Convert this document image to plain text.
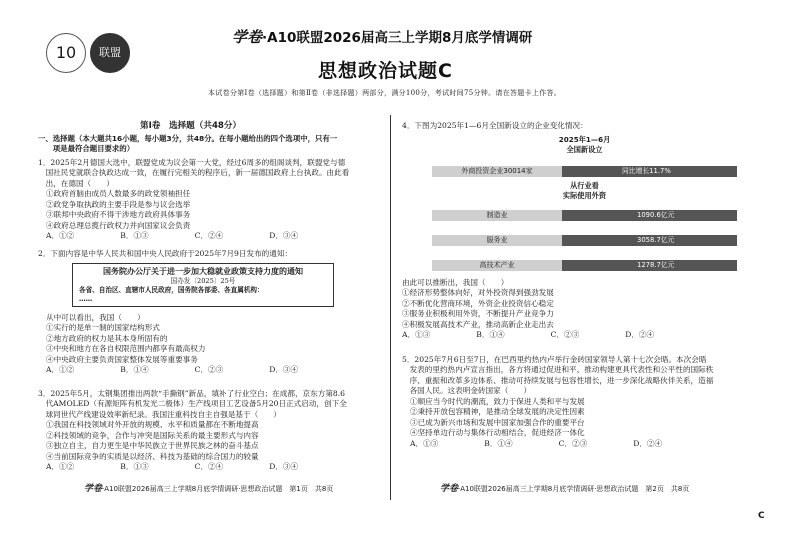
10 联盟
学卷·A10联盟2026届高三上学期8月底学情调研
思想政治试题C
本试卷分第Ⅰ卷（选择题）和第Ⅱ卷（非选择题）两部分，满分100分，考试时间75分钟。请在答题卡上作答。
第Ⅰ卷　选择题（共48分）
一、选择题（本大题共16小题，每小题3分，共48分。在每小题给出的四个选项中，只有一
　　项是最符合题目要求的）
1．2025年2月德国大选中，联盟党成为议会第一大党，经过6周多的组阁谈判，联盟党与德
　国社民党就联合执政达成一致，在履行完相关的程序后，新一届德国政府上台执政。由此看
　出，在德国（　　）
①政府首脑由成员人数最多的政党领袖担任
②政党争取执政的主要手段是参与议会选举
③联邦中央政府不得干涉地方政府具体事务
④政府总理总揽行政权力并向国家议会负责
A．①②	B．①③	C．②④	D．③④
2．下面内容是中华人民共和国中央人民政府于2025年7月9日发布的通知：
国务院办公厅关于进一步加大稳就业政策支持力度的通知
国办发〔2025〕25号
各省、自治区、直辖市人民政府，国务院各部委、各直属机构：
……
从中可以看出，我国（　　）
①实行的是单一制的国家结构形式
②地方政府的权力是其本身所固有的
③中央和地方在各自权限范围内都享有最高权力
④中央政府主要负责国家整体发展等重要事务
A．①②	B．①④	C．②③	D．③④
3．2025年5月，太钢集团推出两款“手撕钢”新品，填补了行业空白；在成都，京东方第8.6
　代AMOLED（有源矩阵有机发光二极体）生产线项目工艺设备5月20日正式启动，创下全
　球同世代产线建设效率新纪录。我国注重科技自主自强是基于（　　）
①我国在科技领域对外开放的规模、水平和质量都在不断地提高
②科技领域的竞争，合作与冲突是国际关系的最主要形式与内容
③独立自主，自力更生是中华民族立于世界民族之林的奋斗基点
④当前国际竞争的实质是以经济、科技为基础的综合国力的较量
A．①②	B．①③	C．②④	D．③④
学卷·A10联盟2026届高三上学期8月底学情调研·思想政治试题　第1页　共8页
4．下图为2025年1—6月全国新设立的企业变化情况：
2025年1—6月
全国新设立
外商投资企业30014家	同比增长11.7%
从行业看
实际使用外资
制造业	1090.6亿元
服务业	3058.7亿元
高技术产业	1278.7亿元
由此可以推断出，我国（　　）
①经济形势整体向好，对外投资得到强劲发展
②不断优化营商环境，外资企业投资信心稳定
③服务业积极利用外资，不断提升产业竞争力
④积极发展高技术产业，推动高新企业走出去
A．①③	B．①④	C．②③	D．②④
5．2025年7月6日至7日，在巴西里约热内卢举行金砖国家领导人第十七次会晤。本次会晤
　发表的里约热内卢宣言指出，各方将通过促进和平、推动构建更具代表性和公平性的国际秩
　序、重振和改革多边体系、推动可持续发展与包容性增长，进一步深化战略伙伴关系，造福
　各国人民。这表明金砖国家（　　）
①顺应当今时代的潮流，致力于保进人类和平与发展
②秉持开放包容精神，是推动全球发展的决定性因素
③已成为新兴市场和发展中国家加强合作的重要平台
④坚持单边行动与集体行动相结合，促进经济一体化
A．①③	B．①④	C．②③	D．②④
学卷·A10联盟2026届高三上学期8月底学情调研·思想政治试题　第2页　共8页
C
